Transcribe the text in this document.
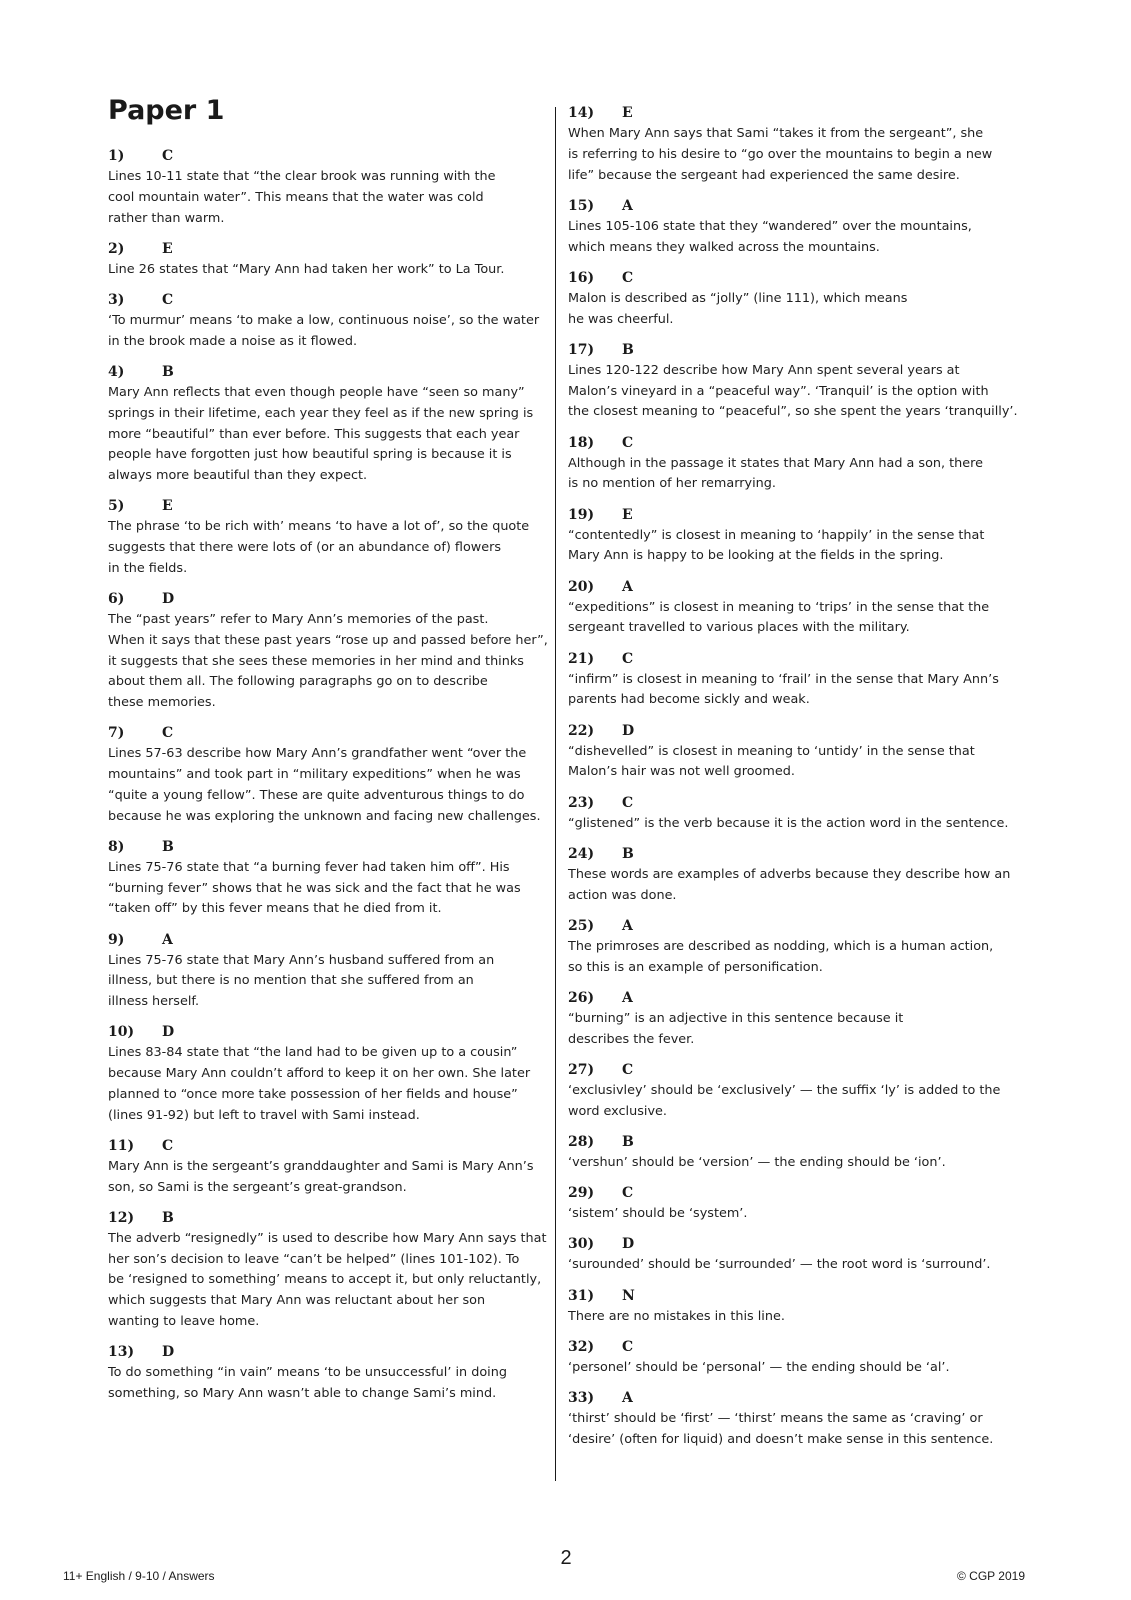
Paper 1
1)	C
Lines 10-11 state that “the clear brook was running with the
cool mountain water”. This means that the water was cold
rather than warm.
2)	E
Line 26 states that “Mary Ann had taken her work” to La Tour.
3)	C
‘To murmur’ means ‘to make a low, continuous noise’, so the water
in the brook made a noise as it flowed.
4)	B
Mary Ann reflects that even though people have “seen so many”
springs in their lifetime, each year they feel as if the new spring is
more “beautiful” than ever before. This suggests that each year
people have forgotten just how beautiful spring is because it is
always more beautiful than they expect.
5)	E
The phrase ‘to be rich with’ means ‘to have a lot of’, so the quote
suggests that there were lots of (or an abundance of) flowers
in the fields.
6)	D
The “past years” refer to Mary Ann’s memories of the past.
When it says that these past years “rose up and passed before her”,
it suggests that she sees these memories in her mind and thinks
about them all. The following paragraphs go on to describe
these memories.
7)	C
Lines 57-63 describe how Mary Ann’s grandfather went “over the
mountains” and took part in “military expeditions” when he was
“quite a young fellow”. These are quite adventurous things to do
because he was exploring the unknown and facing new challenges.
8)	B
Lines 75-76 state that “a burning fever had taken him off”. His
“burning fever” shows that he was sick and the fact that he was
“taken off” by this fever means that he died from it.
9)	A
Lines 75-76 state that Mary Ann’s husband suffered from an
illness, but there is no mention that she suffered from an
illness herself.
10) D
Lines 83-84 state that “the land had to be given up to a cousin”
because Mary Ann couldn’t afford to keep it on her own. She later
planned to “once more take possession of her fields and house”
(lines 91-92) but left to travel with Sami instead.
11) C
Mary Ann is the sergeant’s granddaughter and Sami is Mary Ann’s
son, so Sami is the sergeant’s great-grandson.
12) B
The adverb “resignedly” is used to describe how Mary Ann says that
her son’s decision to leave “can’t be helped” (lines 101-102). To
be ‘resigned to something’ means to accept it, but only reluctantly,
which suggests that Mary Ann was reluctant about her son
wanting to leave home.
13) D
To do something “in vain” means ‘to be unsuccessful’ in doing
something, so Mary Ann wasn’t able to change Sami’s mind.
14) E
When Mary Ann says that Sami “takes it from the sergeant”, she
is referring to his desire to “go over the mountains to begin a new
life” because the sergeant had experienced the same desire.
15) A
Lines 105-106 state that they “wandered” over the mountains,
which means they walked across the mountains.
16) C
Malon is described as “jolly” (line 111), which means
he was cheerful.
17) B
Lines 120-122 describe how Mary Ann spent several years at
Malon’s vineyard in a “peaceful way”. ‘Tranquil’ is the option with
the closest meaning to “peaceful”, so she spent the years ‘tranquilly’.
18) C
Although in the passage it states that Mary Ann had a son, there
is no mention of her remarrying.
19) E
“contentedly” is closest in meaning to ‘happily’ in the sense that
Mary Ann is happy to be looking at the fields in the spring.
20) A
“expeditions” is closest in meaning to ‘trips’ in the sense that the
sergeant travelled to various places with the military.
21) C
“infirm” is closest in meaning to ‘frail’ in the sense that Mary Ann’s
parents had become sickly and weak.
22) D
“dishevelled” is closest in meaning to ‘untidy’ in the sense that
Malon’s hair was not well groomed.
23) C
“glistened” is the verb because it is the action word in the sentence.
24) B
These words are examples of adverbs because they describe how an
action was done.
25) A
The primroses are described as nodding, which is a human action,
so this is an example of personification.
26) A
“burning” is an adjective in this sentence because it
describes the fever.
27) C
‘exclusivley’ should be ‘exclusively’ — the suffix ‘ly’ is added to the
word exclusive.
28) B
‘vershun’ should be ‘version’ — the ending should be ‘ion’.
29) C
‘sistem’ should be ‘system’.
30) D
‘surounded’ should be ‘surrounded’ — the root word is ‘surround’.
31) N
There are no mistakes in this line.
32) C
‘personel’ should be ‘personal’ — the ending should be ‘al’.
33) A
‘thirst’ should be ‘first’ — ‘thirst’ means the same as ‘craving’ or
‘desire’ (often for liquid) and doesn’t make sense in this sentence.
11+ English / 9-10 / Answers
2
© CGP 2019
